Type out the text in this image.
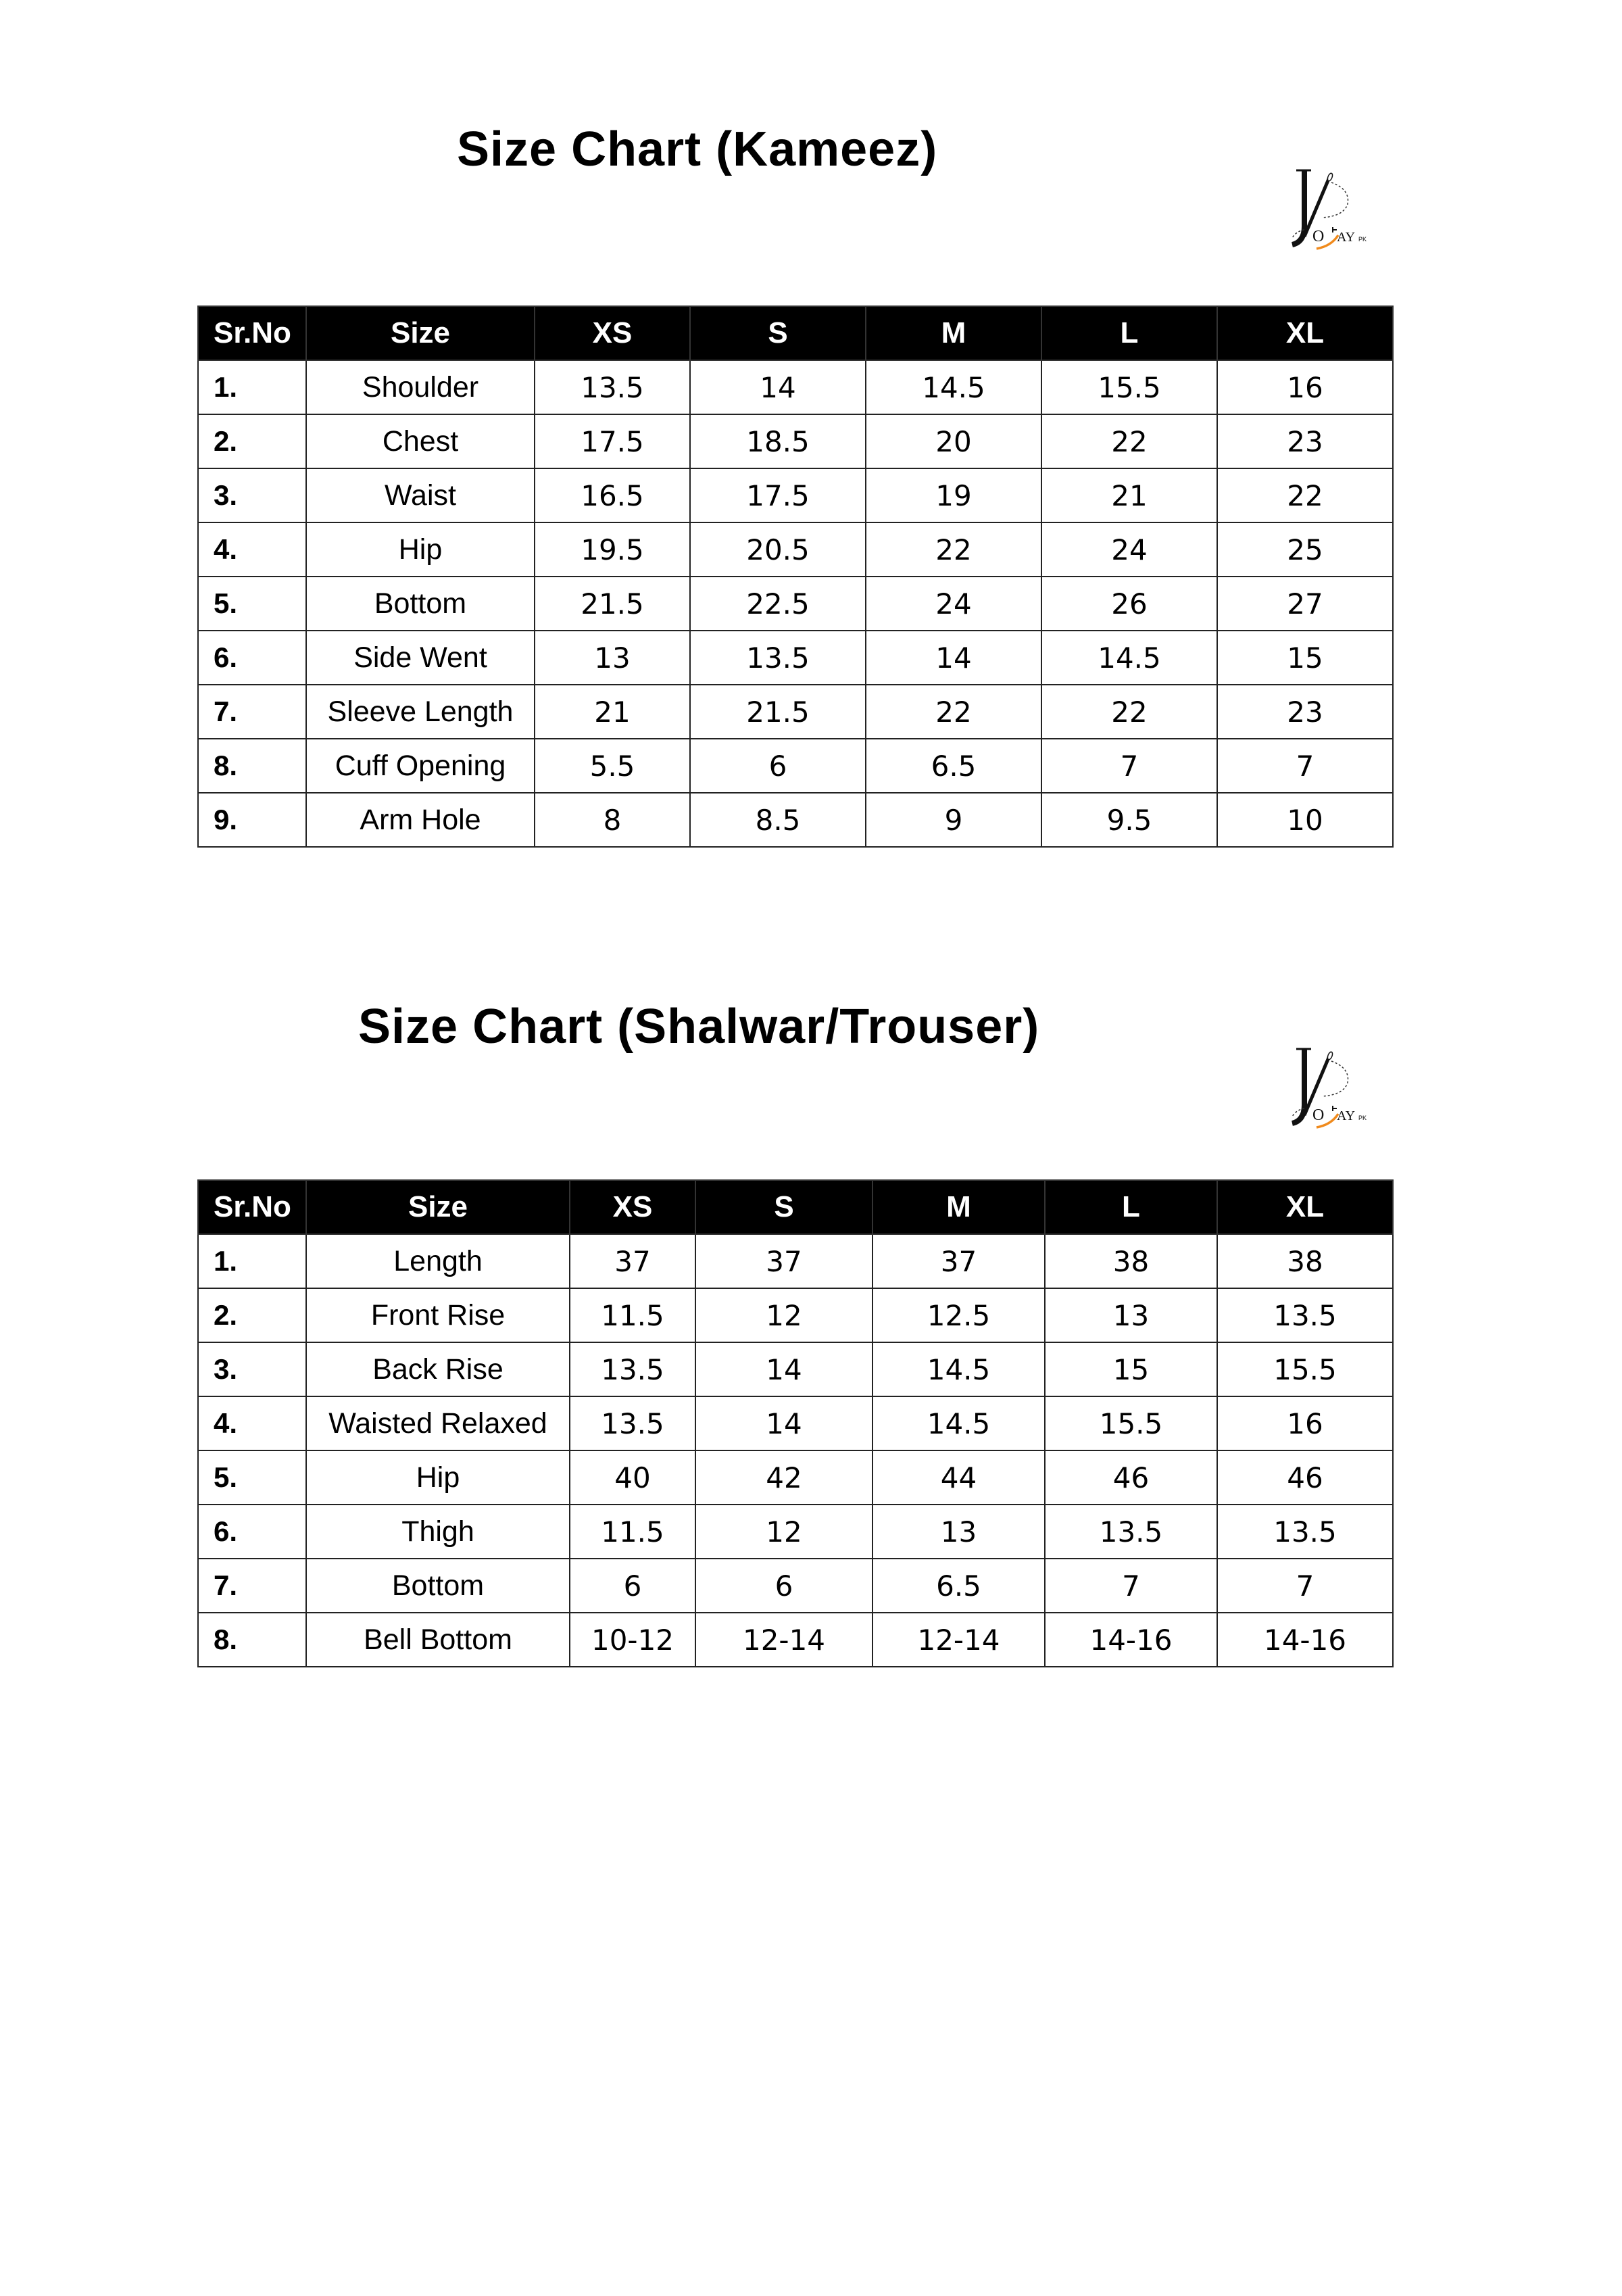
Size Chart (Kameez)
O AY PK
Sr.No	Size	XS	S	M	L	XL
1.	Shoulder	13.5	14	14.5	15.5	16
2.	Chest	17.5	18.5	20	22	23
3.	Waist	16.5	17.5	19	21	22
4.	Hip	19.5	20.5	22	24	25
5.	Bottom	21.5	22.5	24	26	27
6.	Side Went	13	13.5	14	14.5	15
7.	Sleeve Length	21	21.5	22	22	23
8.	Cuff Opening	5.5	6	6.5	7	7
9.	Arm Hole	8	8.5	9	9.5	10
Size Chart (Shalwar/Trouser)
O AY PK
Sr.No	Size	XS	S	M	L	XL
1.	Length	37	37	37	38	38
2.	Front Rise	11.5	12	12.5	13	13.5
3.	Back Rise	13.5	14	14.5	15	15.5
4.	Waisted Relaxed	13.5	14	14.5	15.5	16
5.	Hip	40	42	44	46	46
6.	Thigh	11.5	12	13	13.5	13.5
7.	Bottom	6	6	6.5	7	7
8.	Bell Bottom	10-12	12-14	12-14	14-16	14-16
